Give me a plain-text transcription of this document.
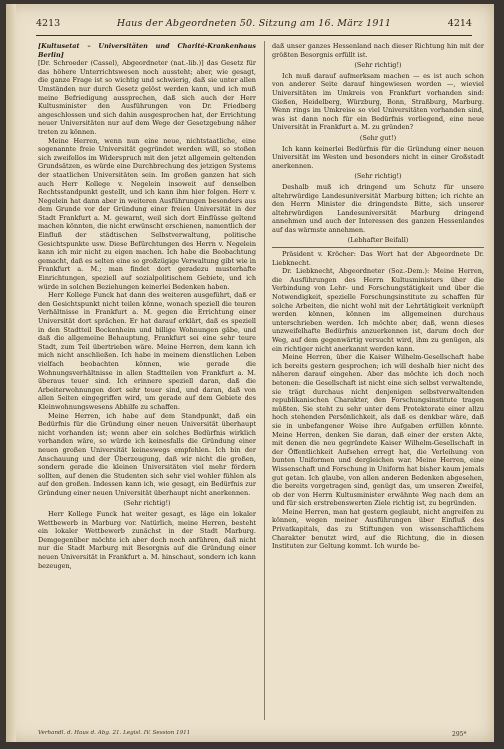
4213	Haus der Abgeordneten 50. Sitzung am 16. März 1911	4214

[Kultusetat – Universitäten und Charité-Krankenhaus Berlin]

[Dr. Schroeder (Cassel), Abgeordneter (nat.-lib.)] das Gesetz für das höhere Unterrichtswesen noch aussteht; aber, wie gesagt, die ganze Frage ist so wichtig und schwierig, daß sie unter allen Umständen nur durch Gesetz gelöst werden kann, und ich muß meine Befriedigung aussprechen, daß sich auch der Herr Kultusminister den Ausführungen von Dr. Friedberg angeschlossen und sich dahin ausgesprochen hat, der Errichtung neuer Universitäten nur auf dem Wege der Gesetzgebung näher treten zu können.

Meine Herren, wenn nun eine neue, nichtstaatliche, eine sogenannte freie Universität gegründet werden will, so stoßen sich zweifellos im Widerspruch mit den jetzt allgemein geltenden Grundsätzen, es würde eine Durchbrechung des jetzigen Systems der staatlichen Universitäten sein. Im großen ganzen hat sich auch Herr Kollege v. Negelein insoweit auf denselben Rechtsstandpunkt gestellt, und ich kann ihm hier folgen. Herr v. Negelein hat dann aber in weiteren Ausführungen besonders aus dem Grunde vor der Gründung einer freien Universität in der Stadt Frankfurt a. M. gewarnt, weil sich dort Einflüsse geltend machen könnten, die nicht erwünscht erschienen, namentlich der Einfluß der städtischen Selbstverwaltung, politische Gesichtspunkte usw. Diese Befürchtungen des Herrn v. Negelein kann ich mir nicht zu eigen machen. Ich habe die Beobachtung gemacht, daß es selten eine so großzügige Verwaltung gibt wie in Frankfurt a. M.; man findet dort geradezu musterhafte Einrichtungen, speziell auf sozialpolitischem Gebiete, und ich würde in solchen Beziehungen keinerlei Bedenken haben.

Herr Kollege Funck hat dann des weiteren ausgeführt, daß er den Gesichtspunkt nicht teilen könne, wonach speziell die teuren Verhältnisse in Frankfurt a. M. gegen die Errichtung einer Universität dort sprächen. Er hat darauf erklärt, daß es speziell in den Stadtteil Bockenheim und billige Wohnungen gäbe, und daß die allgemeine Behauptung, Frankfurt sei eine sehr teure Stadt, zum Teil übertrieben wäre. Meine Herren, dem kann ich mich nicht anschließen. Ich habe in meinem dienstlichen Leben vielfach beobachten können, wie gerade die Wohnungsverhältnisse in allen Stadtteilen von Frankfurt a. M. überaus teuer sind. Ich erinnere speziell daran, daß die Arbeiterwohnungen dort sehr teuer sind, und daran, daß von allen Seiten eingegriffen wird, um gerade auf dem Gebiete des Kleinwohnungswesens Abhilfe zu schaffen.

Meine Herren, ich habe auf dem Standpunkt, daß ein Bedürfnis für die Gründung einer neuen Universität überhaupt nicht vorhanden ist; wenn aber ein solches Bedürfnis wirklich vorhanden wäre, so würde ich keinesfalls die Gründung einer neuen großen Universität keineswegs empfehlen. Ich bin der Anschauung und der Überzeugung, daß wir nicht die großen, sondern gerade die kleinen Universitäten viel mehr fördern sollten, auf denen die Studenten sich sehr viel wohler fühlen als auf den großen. Indessen kann ich, wie gesagt, ein Bedürfnis zur Gründung einer neuen Universität überhaupt nicht anerkennen.

(Sehr richtig!)

Herr Kollege Funck hat weiter gesagt, es läge ein lokaler Wettbewerb in Marburg vor. Natürlich, meine Herren, besteht ein lokaler Wettbewerb zunächst in der Stadt Marburg. Demgegenüber möchte ich aber doch noch anführen, daß nicht nur die Stadt Marburg mit Besorgnis auf die Gründung einer neuen Universität in Frankfurt a. M. hinschaut, sondern ich kann bezeugen,

daß unser ganzes Hessenland nach dieser Richtung hin mit der größten Besorgnis erfüllt ist.

(Sehr richtig!)

Ich muß darauf aufmerksam machen — es ist auch schon von anderer Seite darauf hingewiesen worden —, wieviel Universitäten im Umkreis von Frankfurt vorhanden sind: Gießen, Heidelberg, Würzburg, Bonn, Straßburg, Marburg. Wenn rings im Umkreise so viel Universitäten vorhanden sind, was ist dann noch für ein Bedürfnis vorliegend, eine neue Universität in Frankfurt a. M. zu gründen?

(Sehr gut!)

Ich kann keinerlei Bedürfnis für die Gründung einer neuen Universität im Westen und besonders nicht in einer Großstadt anerkennen.

(Sehr richtig!)

Deshalb muß ich dringend um Schutz für unsere altehrwürdige Landesuniversität Marburg bitten; ich richte an den Herrn Minister die dringendste Bitte, sich unserer altehrwürdigen Landesuniversität Marburg dringend annehmen und auch der Interessen des ganzen Hessenlandes auf das wärmste annehmen.

(Lebhafter Beifall)

Präsident v. Kröcher: Das Wort hat der Abgeordnete Dr. Liebknecht.

Dr. Liebknecht, Abgeordneter (Soz.-Dem.): Meine Herren, die Ausführungen des Herrn Kultusministers über die Verbindung von Lehr- und Forschungstätigkeit und über die Notwendigkeit, spezielle Forschungsinstitute zu schaffen für solche Arbeiten, die nicht wohl mit der Lehrtätigkeit verknüpft werden können, können im allgemeinen durchaus unterschrieben werden. Ich möchte aber, daß, wenn dieses unzweifelhafte Bedürfnis anzuerkennen ist, darum doch der Weg, auf dem gegenwärtig versucht wird, ihm zu genügen, als ein richtiger nicht anerkannt werden kann.

Meine Herren, über die Kaiser Wilhelm-Gesellschaft habe ich bereits gestern gesprochen; ich will deshalb hier nicht des näheren darauf eingehen. Aber das möchte ich doch noch betonen: die Gesellschaft ist nicht eine sich selbst verwaltende, sie trägt durchaus nicht denjenigen selbstverwaltenden republikanischen Charakter, den Forschungsinstitute tragen müßten. Sie steht zu sehr unter dem Protektorate einer allzu hoch stehenden Persönlichkeit, als daß es denkbar wäre, daß sie in unbefangener Weise ihre Aufgaben erfüllen könnte. Meine Herren, denken Sie daran, daß einer der ersten Akte, mit denen die neu gegründete Kaiser Wilhelm-Gesellschaft in der Öffentlichkeit Aufsehen erregt hat, die Verleihung von bunten Uniformen und dergleichen war. Meine Herren, eine Wissenschaft und Forschung in Uniform hat bisher kaum jemals gut getan. Ich glaube, von allen anderen Bedenken abgesehen, die bereits vorgetragen sind, genügt das, um unseren Zweifel, ob der von Herrn Kultusminister erwähnte Weg nach dem an und für sich erstrebenswerten Ziele richtig ist, zu begründen.

Meine Herren, man hat gestern geglaubt, nicht angreifen zu können, wegen meiner Ausführungen über Einfluß des Privatkapitals, das zu Stiftungen von wissenschaftlichem Charakter benutzt wird, auf die Richtung, die in diesen Instituten zur Geltung kommt. Ich wurde be-

Verhandl. d. Haus d. Abg. 21. Legisl. IV. Session 1911	295*
